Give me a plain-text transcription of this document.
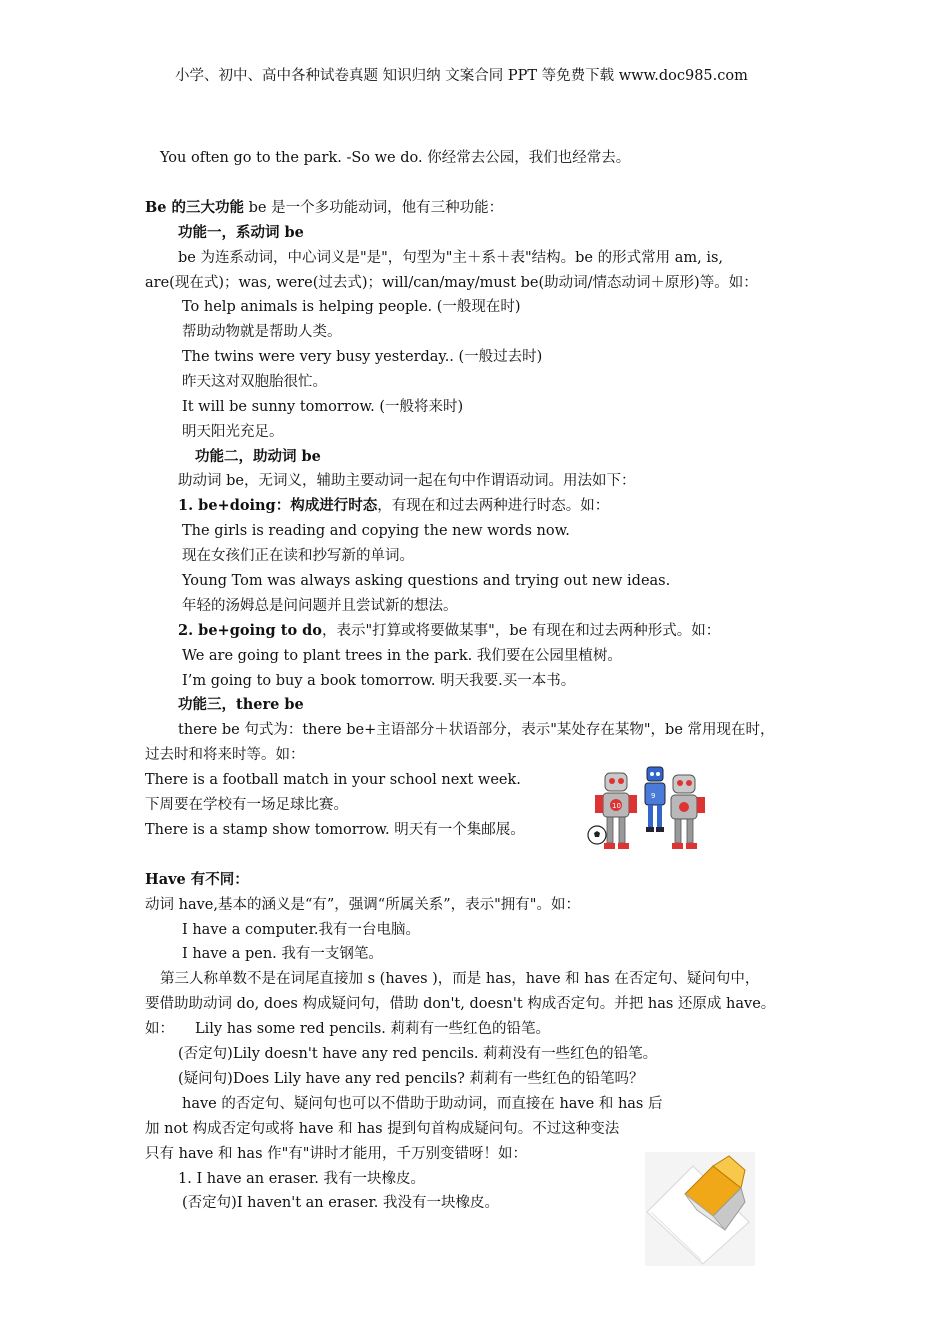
小学、初中、高中各种试卷真题 知识归纳 文案合同 PPT 等免费下载 www.doc985.com
You often go to the park. -So we do. 你经常去公园，我们也经常去。
Be 的三大功能 be 是一个多功能动词，他有三种功能：
功能一，系动词 be
be 为连系动词，中心词义是"是"，句型为"主＋系＋表"结构。be 的形式常用 am, is,
are(现在式)；was, were(过去式)；will/can/may/must be(助动词/情态动词＋原形)等。如：
To help animals is helping people. (一般现在时)
帮助动物就是帮助人类。
The twins were very busy yesterday.. (一般过去时)
昨天这对双胞胎很忙。
It will be sunny tomorrow. (一般将来时)
明天阳光充足。
功能二，助动词 be
助动词 be，无词义，辅助主要动词一起在句中作谓语动词。用法如下：
1. be+doing：构成进行时态，有现在和过去两种进行时态。如：
The girls is reading and copying the new words now.
现在女孩们正在读和抄写新的单词。
Young Tom was always asking questions and trying out new ideas.
年轻的汤姆总是问问题并且尝试新的想法。
2. be+going to do，表示"打算或将要做某事"，be 有现在和过去两种形式。如：
We are going to plant trees in the park. 我们要在公园里植树。
I’m going to buy a book tomorrow. 明天我要.买一本书。
功能三，there be
there be 句式为：there be+主语部分＋状语部分，表示"某处存在某物"，be 常用现在时，
过去时和将来时等。如：
There is a football match in your school next week.
下周要在学校有一场足球比赛。
There is a stamp show tomorrow. 明天有一个集邮展。
10
9
Have 有不同：
动词 have,基本的涵义是“有”，强调“所属关系”，表示"拥有"。如：
I have a computer.我有一台电脑。
I have a pen. 我有一支钢笔。
第三人称单数不是在词尾直接加 s (haves )，而是 has，have 和 has 在否定句、疑问句中，
要借助助动词 do, does 构成疑问句，借助 don't, doesn't 构成否定句。并把 has 还原成 have。
如： Lily has some red pencils. 莉莉有一些红色的铅笔。
(否定句)Lily doesn't have any red pencils. 莉莉没有一些红色的铅笔。
(疑问句)Does Lily have any red pencils? 莉莉有一些红色的铅笔吗？
have 的否定句、疑问句也可以不借助于助动词，而直接在 have 和 has 后
加 not 构成否定句或将 have 和 has 提到句首构成疑问句。不过这种变法
只有 have 和 has 作"有"讲时才能用，千万别变错呀！如：
1. I have an eraser. 我有一块橡皮。
(否定句)I haven't an eraser. 我没有一块橡皮。
